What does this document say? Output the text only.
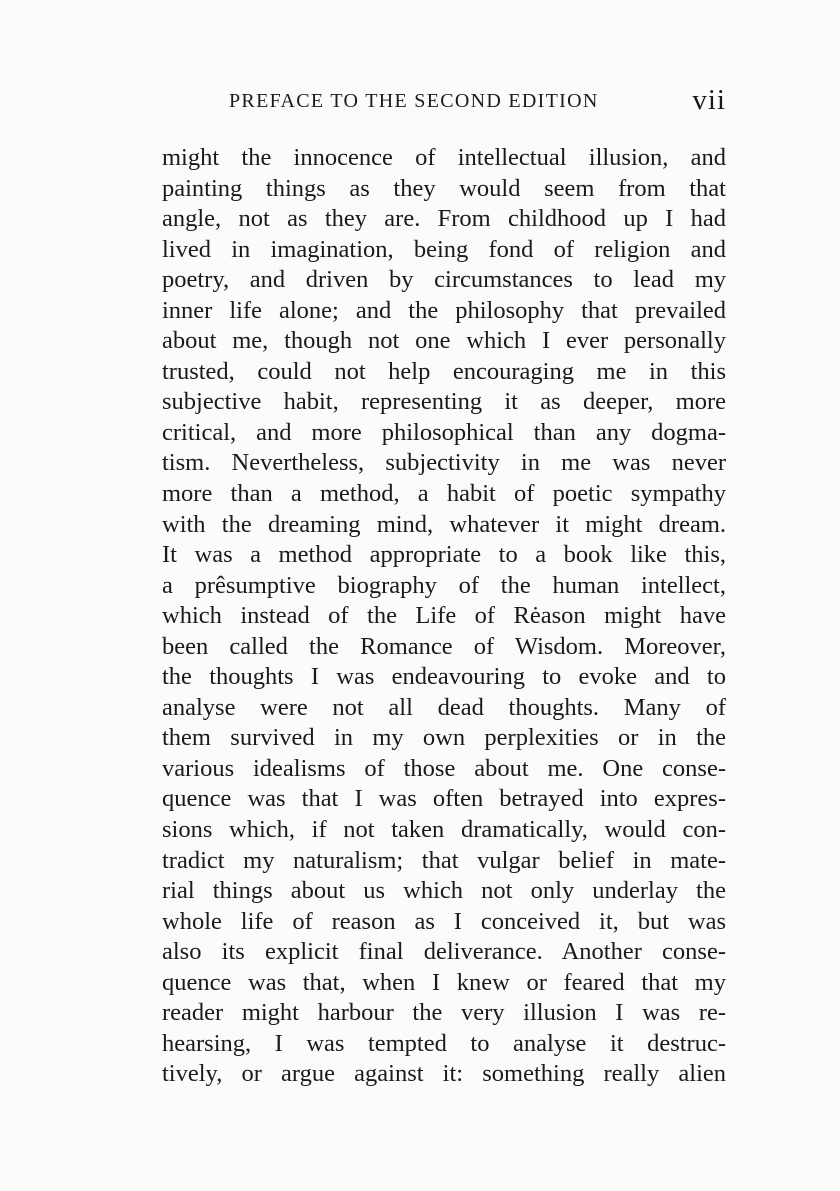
PREFACE TO THE SECOND EDITION	vii
might the innocence of intellectual illusion, and
painting things as they would seem from that
angle, not as they are. From childhood up I had
lived in imagination, being fond of religion and
poetry, and driven by circumstances to lead my
inner life alone; and the philosophy that prevailed
about me, though not one which I ever personally
trusted, could not help encouraging me in this
subjective habit, representing it as deeper, more
critical, and more philosophical than any dogma-
tism. Nevertheless, subjectivity in me was never
more than a method, a habit of poetic sympathy
with the dreaming mind, whatever it might dream.
It was a method appropriate to a book like this,
a prêsumptive biography of the human intellect,
which instead of the Life of Rėason might have
been called the Romance of Wisdom. Moreover,
the thoughts I was endeavouring to evoke and to
analyse were not all dead thoughts. Many of
them survived in my own perplexities or in the
various idealisms of those about me. One conse-
quence was that I was often betrayed into expres-
sions which, if not taken dramatically, would con-
tradict my naturalism; that vulgar belief in mate-
rial things about us which not only underlay the
whole life of reason as I conceived it, but was
also its explicit final deliverance. Another conse-
quence was that, when I knew or feared that my
reader might harbour the very illusion I was re-
hearsing, I was tempted to analyse it destruc-
tively, or argue against it: something really alien
